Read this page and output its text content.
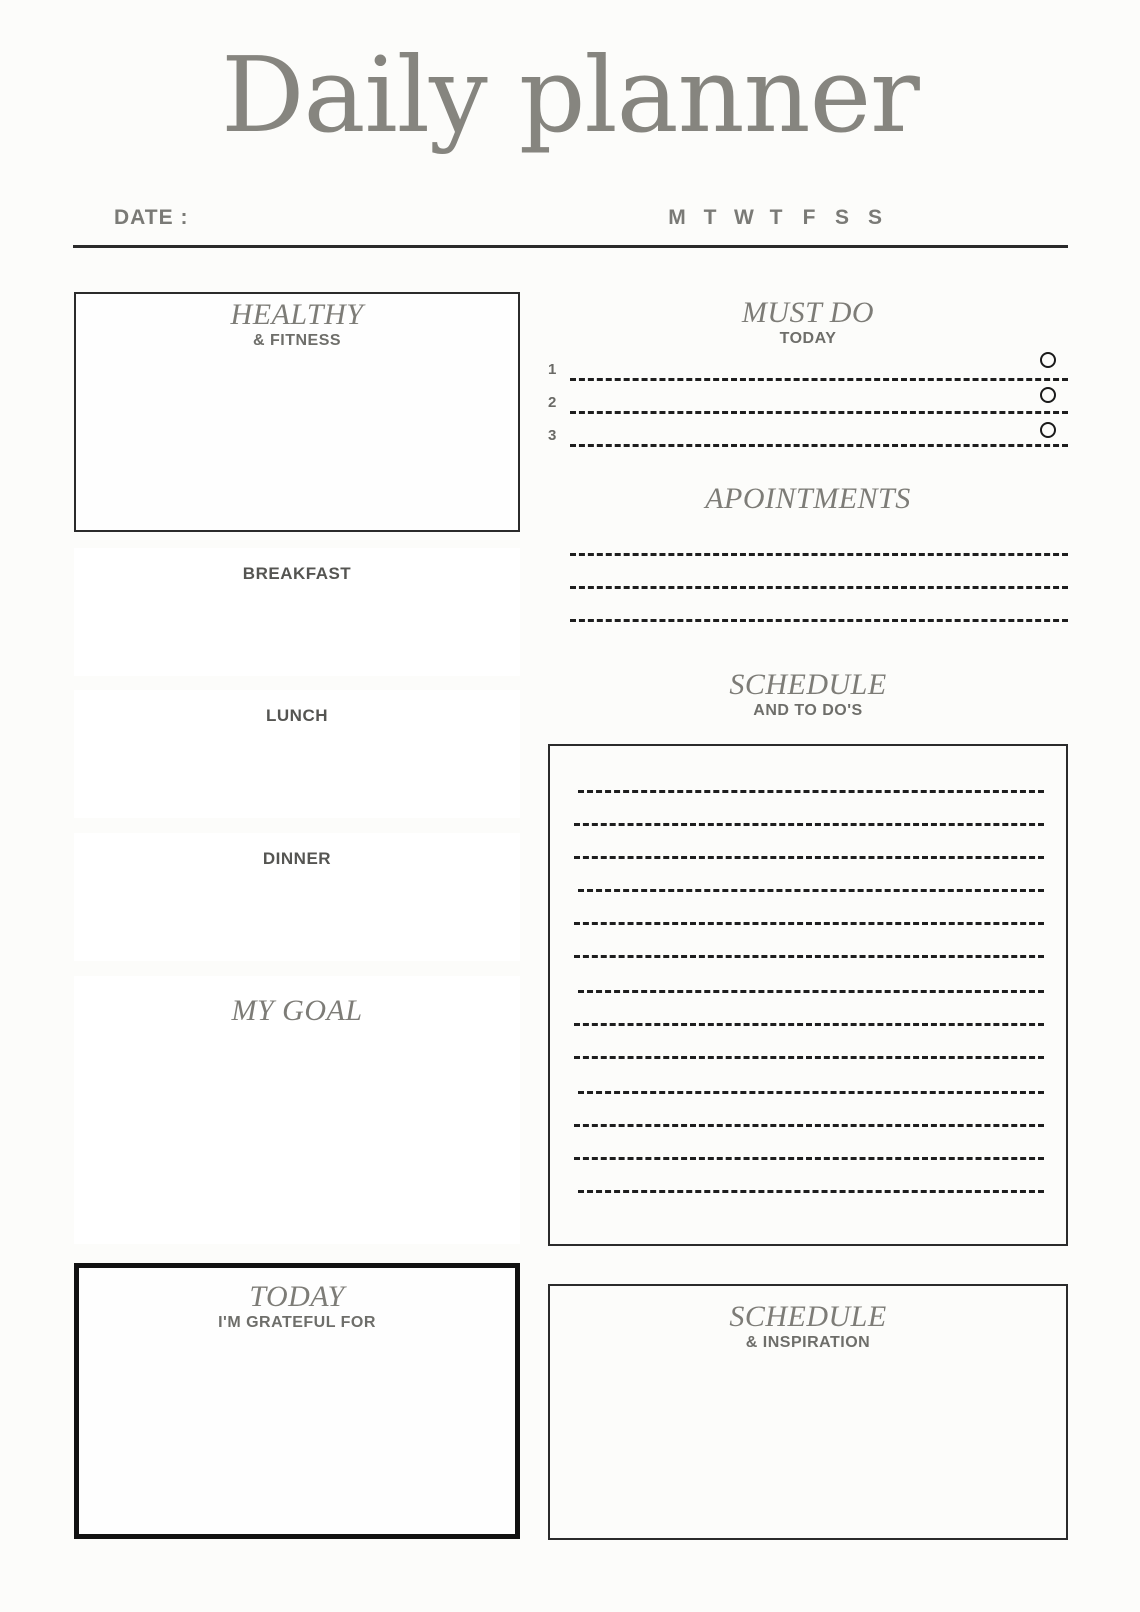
Daily planner
DATE :	M T W T F S S
HEALTHY
& FITNESS
BREAKFAST
LUNCH
DINNER
MY GOAL
TODAY
I'M GRATEFUL FOR
MUST DO
TODAY
1
2
3
APOINTMENTS
SCHEDULE
AND TO DO'S
SCHEDULE
& INSPIRATION
